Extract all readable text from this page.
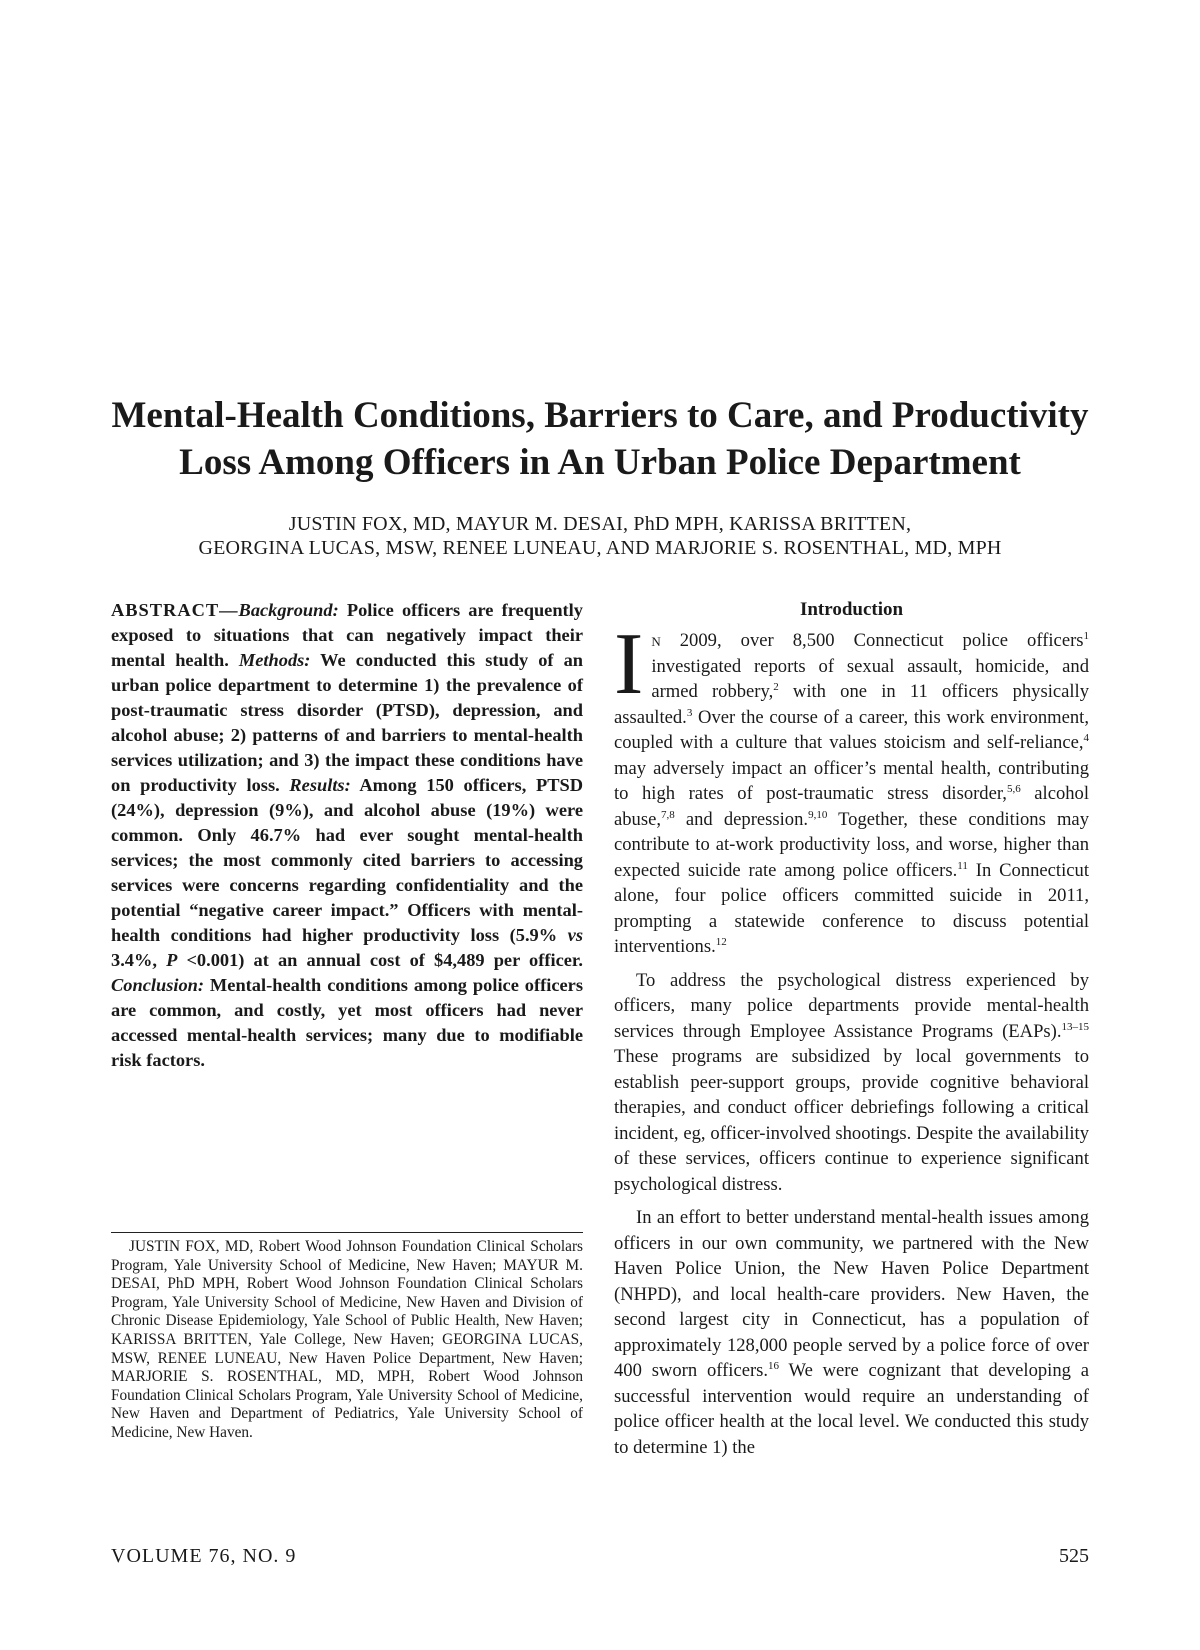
Mental-Health Conditions, Barriers to Care, and Productivity
Loss Among Officers in An Urban Police Department
JUSTIN FOX, MD, MAYUR M. DESAI, PhD MPH, KARISSA BRITTEN,
GEORGINA LUCAS, MSW, RENEE LUNEAU, AND MARJORIE S. ROSENTHAL, MD, MPH

ABSTRACT—Background: Police officers are frequently exposed to situations that can negatively impact their mental health. Methods: We conducted this study of an urban police department to determine 1) the prevalence of post-traumatic stress disorder (PTSD), depression, and alcohol abuse; 2) patterns of and barriers to mental-health services utilization; and 3) the impact these conditions have on productivity loss. Results: Among 150 officers, PTSD (24%), depression (9%), and alcohol abuse (19%) were common. Only 46.7% had ever sought mental-health services; the most commonly cited barriers to accessing services were concerns regarding confidentiality and the potential “negative career impact.” Officers with mental-health conditions had higher productivity loss (5.9% vs 3.4%, P <0.001) at an annual cost of $4,489 per officer. Conclusion: Mental-health conditions among police officers are common, and costly, yet most officers had never accessed mental-health services; many due to modifiable risk factors.

JUSTIN FOX, MD, Robert Wood Johnson Foundation Clinical Scholars Program, Yale University School of Medicine, New Haven; MAYUR M. DESAI, PhD MPH, Robert Wood Johnson Foundation Clinical Scholars Program, Yale University School of Medicine, New Haven and Division of Chronic Disease Epidemiology, Yale School of Public Health, New Haven; KARISSA BRITTEN, Yale College, New Haven; GEORGINA LUCAS, MSW, RENEE LUNEAU, New Haven Police Department, New Haven; MARJORIE S. ROSENTHAL, MD, MPH, Robert Wood Johnson Foundation Clinical Scholars Program, Yale University School of Medicine, New Haven and Department of Pediatrics, Yale University School of Medicine, New Haven.

Introduction

In 2009, over 8,500 Connecticut police officers$^1$ investigated reports of sexual assault, homicide, and armed robbery,$^2$ with one in 11 officers physically assaulted.$^3$ Over the course of a career, this work environment, coupled with a culture that values stoicism and self-reliance,$^4$ may adversely impact an officer’s mental health, contributing to high rates of post-traumatic stress disorder,$^{5,6}$ alcohol abuse,$^{7,8}$ and depression.$^{9,10}$ Together, these conditions may contribute to at-work productivity loss, and worse, higher than expected suicide rate among police officers.$^{11}$ In Connecticut alone, four police officers committed suicide in 2011, prompting a statewide conference to discuss potential interventions.$^{12}$

To address the psychological distress experienced by officers, many police departments provide mental-health services through Employee Assistance Programs (EAPs).$^{13-15}$ These programs are subsidized by local governments to establish peer-support groups, provide cognitive behavioral therapies, and conduct officer debriefings following a critical incident, eg, officer-involved shootings. Despite the availability of these services, officers continue to experience significant psychological distress.

In an effort to better understand mental-health issues among officers in our own community, we partnered with the New Haven Police Union, the New Haven Police Department (NHPD), and local health-care providers. New Haven, the second largest city in Connecticut, has a population of approximately 128,000 people served by a police force of over 400 sworn officers.$^{16}$ We were cognizant that developing a successful intervention would require an understanding of police officer health at the local level. We conducted this study to determine 1) the

VOLUME 76, NO. 9	525
